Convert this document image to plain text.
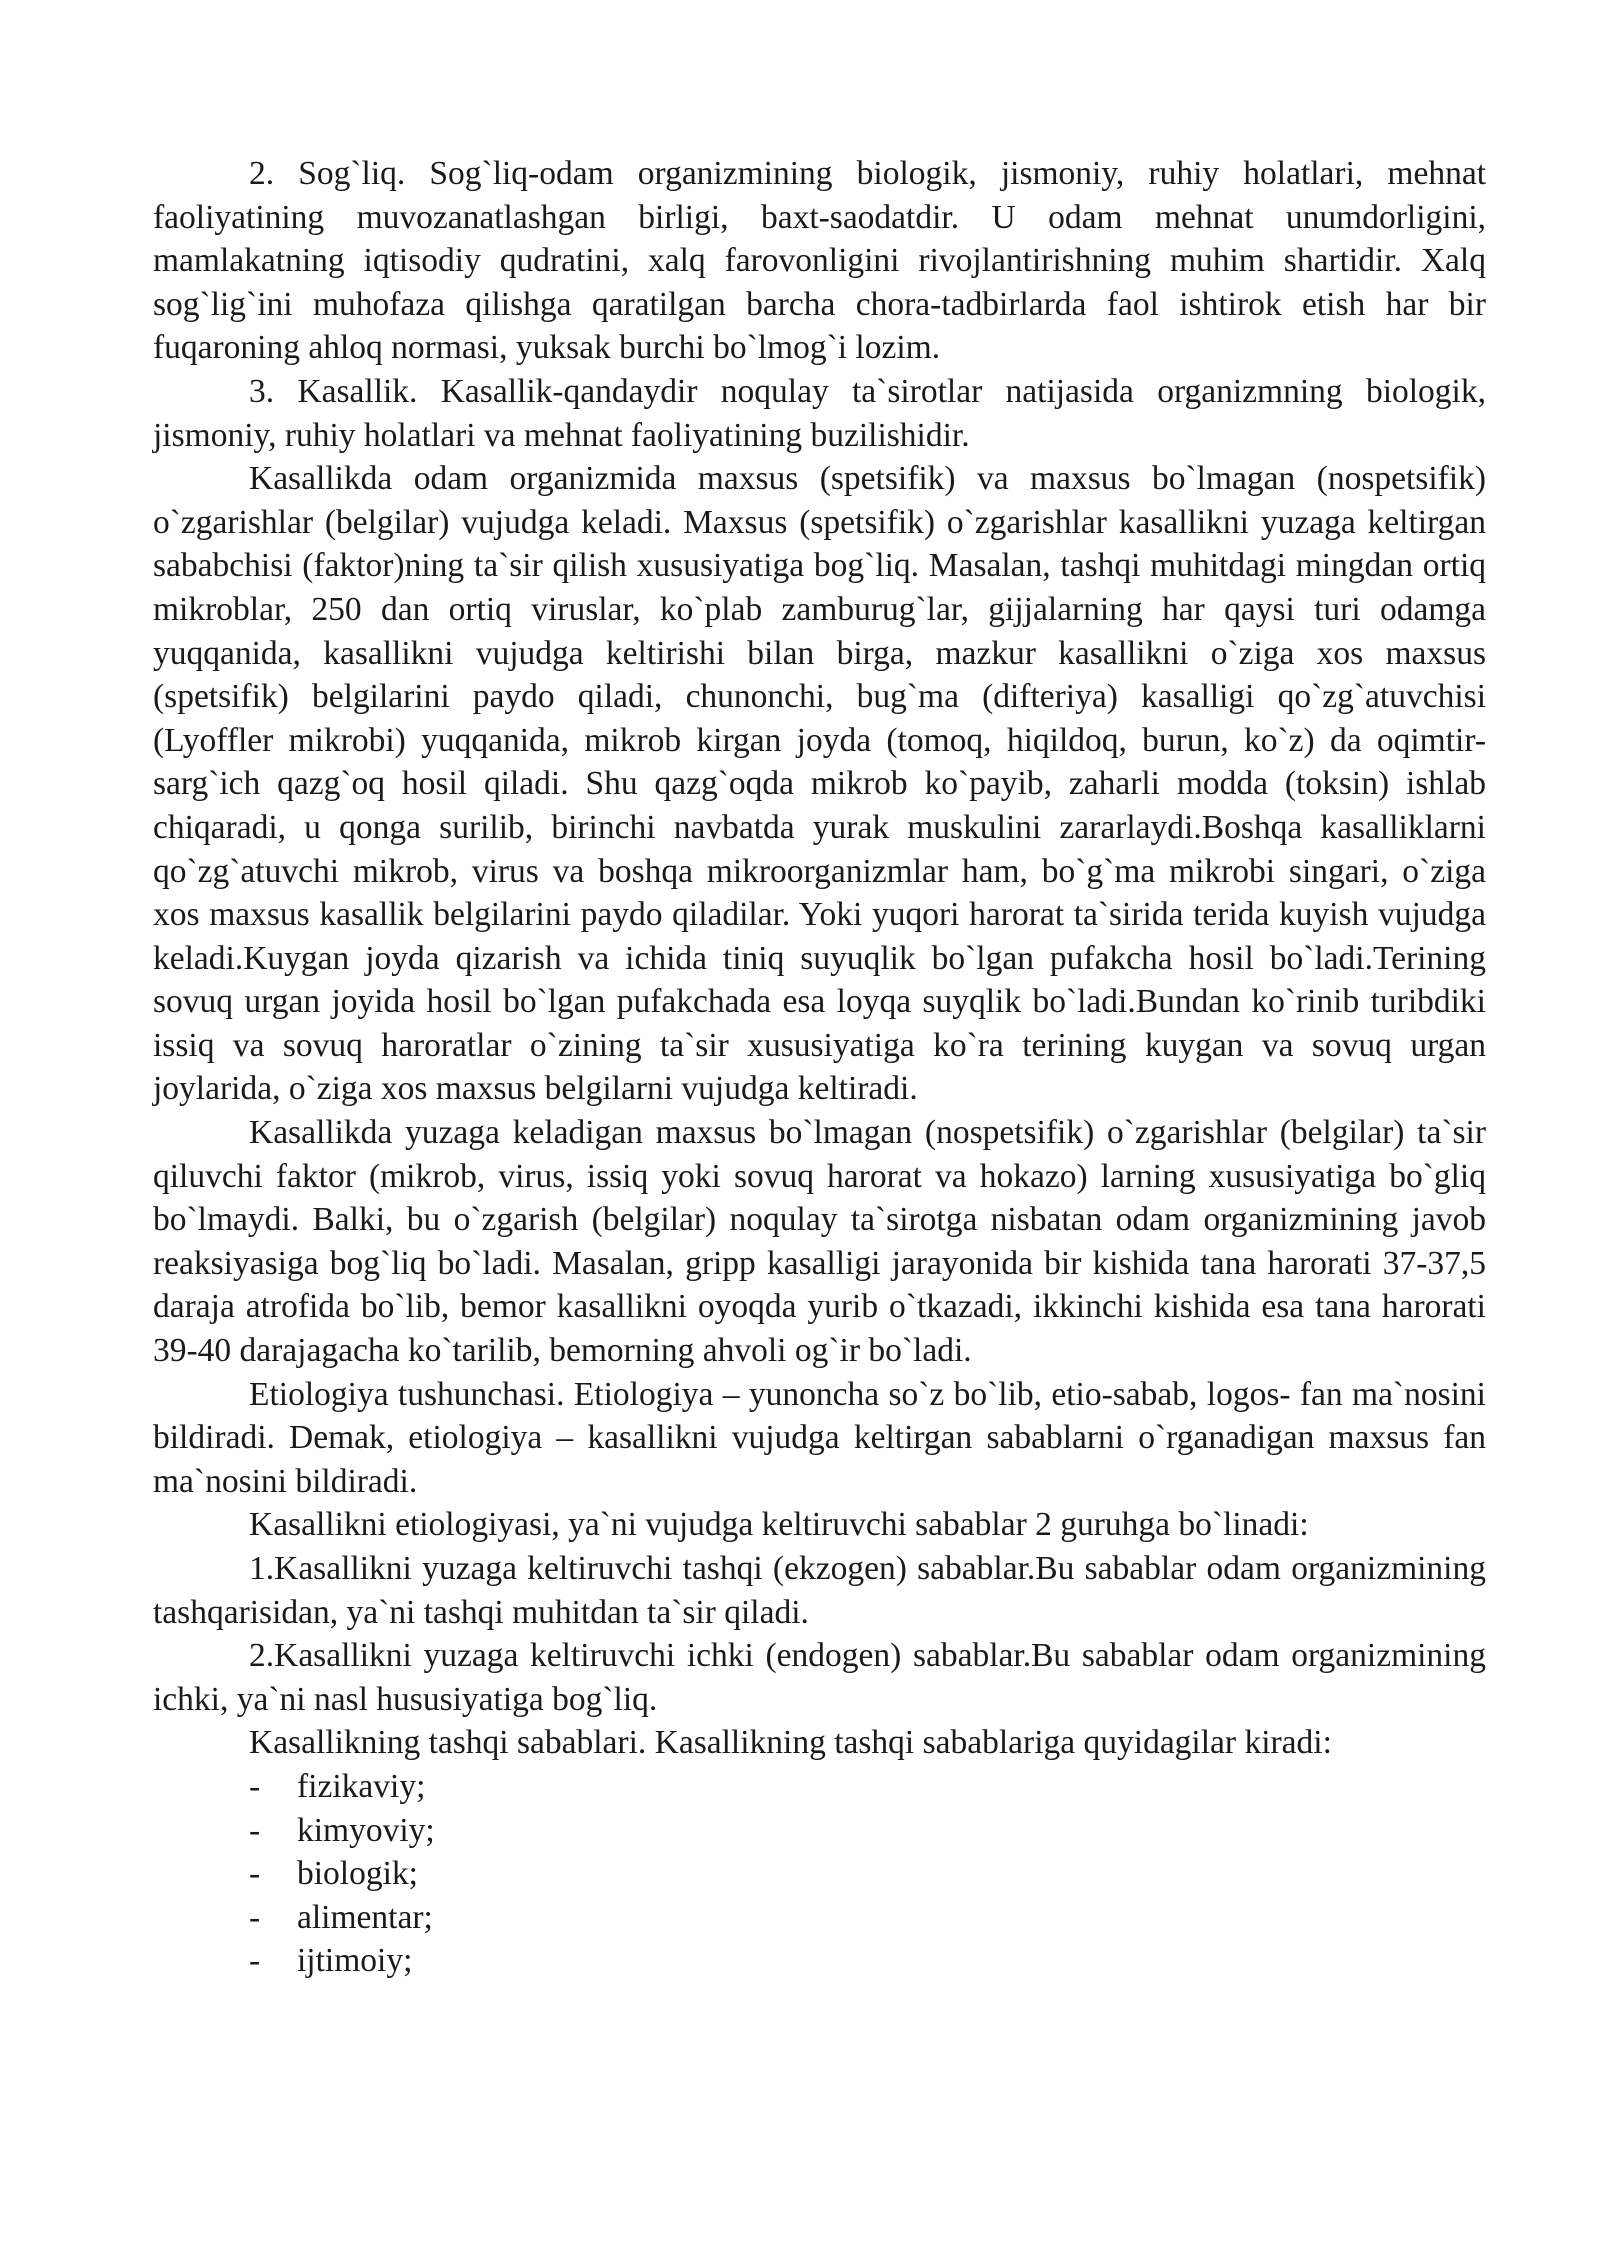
2. Sog`liq. Sog`liq-odam organizmining biologik, jismoniy, ruhiy holatlari, mehnat faoliyatining muvozanatlashgan birligi, baxt-saodatdir. U odam mehnat unumdorligini, mamlakatning iqtisodiy qudratini, xalq farovonligini rivojlantirishning muhim shartidir. Xalq sog`lig`ini muhofaza qilishga qaratilgan barcha chora-tadbirlarda faol ishtirok etish har bir fuqaroning ahloq normasi, yuksak burchi bo`lmog`i lozim.

3. Kasallik. Kasallik-qandaydir noqulay ta`sirotlar natijasida organizmning biologik, jismoniy, ruhiy holatlari va mehnat faoliyatining buzilishidir.

Kasallikda odam organizmida maxsus (spetsifik) va maxsus bo`lmagan (nospetsifik) o`zgarishlar (belgilar) vujudga keladi. Maxsus (spetsifik) o`zgarishlar kasallikni yuzaga keltirgan sababchisi (faktor)ning ta`sir qilish xususiyatiga bog`liq. Masalan, tashqi muhitdagi mingdan ortiq mikroblar, 250 dan ortiq viruslar, ko`plab zamburug`lar, gijjalarning har qaysi turi odamga yuqqanida, kasallikni vujudga keltirishi bilan birga, mazkur kasallikni o`ziga xos maxsus (spetsifik) belgilarini paydo qiladi, chunonchi, bug`ma (difteriya) kasalligi qo`zg`atuvchisi (Lyoffler mikrobi) yuqqanida, mikrob kirgan joyda (tomoq, hiqildoq, burun, ko`z) da oqimtir-sarg`ich qazg`oq hosil qiladi. Shu qazg`oqda mikrob ko`payib, zaharli modda (toksin) ishlab chiqaradi, u qonga surilib, birinchi navbatda yurak muskulini zararlaydi.Boshqa kasalliklarni qo`zg`atuvchi mikrob, virus va boshqa mikroorganizmlar ham, bo`g`ma mikrobi singari, o`ziga xos maxsus kasallik belgilarini paydo qiladilar. Yoki yuqori harorat ta`sirida terida kuyish vujudga keladi.Kuygan joyda qizarish va ichida tiniq suyuqlik bo`lgan pufakcha hosil bo`ladi.Terining sovuq urgan joyida hosil bo`lgan pufakchada esa loyqa suyqlik bo`ladi.Bundan ko`rinib turibdiki issiq va sovuq haroratlar o`zining ta`sir xususiyatiga ko`ra terining kuygan va sovuq urgan joylarida, o`ziga xos maxsus belgilarni vujudga keltiradi.

Kasallikda yuzaga keladigan maxsus bo`lmagan (nospetsifik) o`zgarishlar (belgilar) ta`sir qiluvchi faktor (mikrob, virus, issiq yoki sovuq harorat va hokazo) larning xususiyatiga bo`gliq bo`lmaydi. Balki, bu o`zgarish (belgilar) noqulay ta`sirotga nisbatan odam organizmining javob reaksiyasiga bog`liq bo`ladi. Masalan, gripp kasalligi jarayonida bir kishida tana harorati 37-37,5 daraja atrofida bo`lib, bemor kasallikni oyoqda yurib o`tkazadi, ikkinchi kishida esa tana harorati 39-40 darajagacha ko`tarilib, bemorning ahvoli og`ir bo`ladi.

Etiologiya tushunchasi. Etiologiya – yunoncha so`z bo`lib, etio-sabab, logos- fan ma`nosini bildiradi. Demak, etiologiya – kasallikni vujudga keltirgan sabablarni o`rganadigan maxsus fan ma`nosini bildiradi.

Kasallikni etiologiyasi, ya`ni vujudga keltiruvchi sabablar 2 guruhga bo`linadi:

1.Kasallikni yuzaga keltiruvchi tashqi (ekzogen) sabablar.Bu sabablar odam organizmining tashqarisidan, ya`ni tashqi muhitdan ta`sir qiladi.

2.Kasallikni yuzaga keltiruvchi ichki (endogen) sabablar.Bu sabablar odam organizmining ichki, ya`ni nasl hususiyatiga bog`liq.

Kasallikning tashqi sabablari. Kasallikning tashqi sabablariga quyidagilar kiradi:

- fizikaviy;
- kimyoviy;
- biologik;
- alimentar;
- ijtimoiy;
